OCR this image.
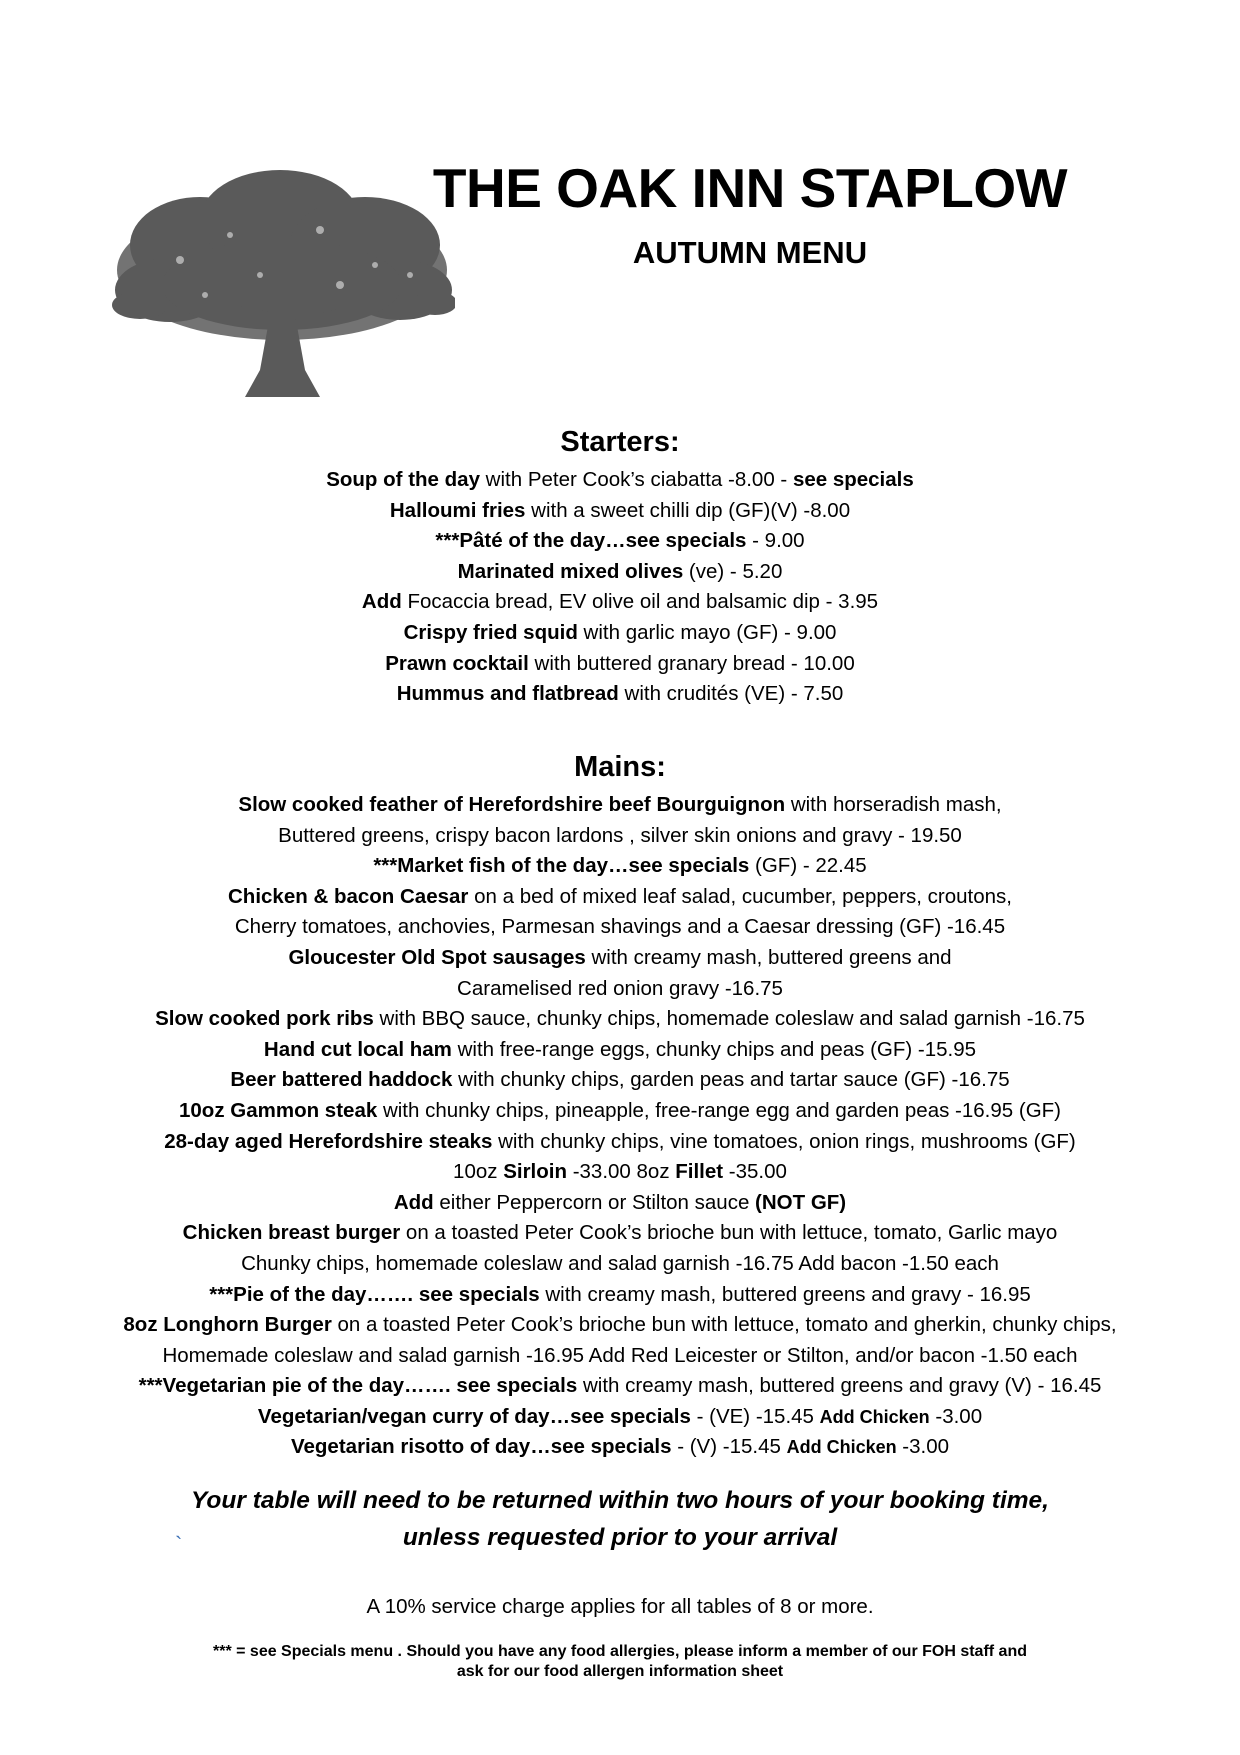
THE OAK INN STAPLOW
AUTUMN MENU
Starters:
Soup of the day with Peter Cook’s ciabatta -8.00 - see specials
Halloumi fries with a sweet chilli dip (GF)(V) -8.00
***Pâté of the day…see specials - 9.00
Marinated mixed olives (ve) - 5.20
Add Focaccia bread, EV olive oil and balsamic dip - 3.95
Crispy fried squid with garlic mayo (GF) - 9.00
Prawn cocktail with buttered granary bread - 10.00
Hummus and flatbread with crudités (VE) - 7.50
Mains:
Slow cooked feather of Herefordshire beef Bourguignon with horseradish mash,
Buttered greens, crispy bacon lardons , silver skin onions and gravy - 19.50
***Market fish of the day…see specials (GF) - 22.45
Chicken & bacon Caesar on a bed of mixed leaf salad, cucumber, peppers, croutons,
Cherry tomatoes, anchovies, Parmesan shavings and a Caesar dressing (GF) -16.45
Gloucester Old Spot sausages with creamy mash, buttered greens and
Caramelised red onion gravy -16.75
Slow cooked pork ribs with BBQ sauce, chunky chips, homemade coleslaw and salad garnish -16.75
Hand cut local ham with free-range eggs, chunky chips and peas (GF) -15.95
Beer battered haddock with chunky chips, garden peas and tartar sauce (GF) -16.75
10oz Gammon steak with chunky chips, pineapple, free-range egg and garden peas -16.95 (GF)
28-day aged Herefordshire steaks with chunky chips, vine tomatoes, onion rings, mushrooms (GF)
10oz Sirloin -33.00 8oz Fillet -35.00
Add either Peppercorn or Stilton sauce (NOT GF)
Chicken breast burger on a toasted Peter Cook’s brioche bun with lettuce, tomato, Garlic mayo
Chunky chips, homemade coleslaw and salad garnish -16.75 Add bacon -1.50 each
***Pie of the day……. see specials with creamy mash, buttered greens and gravy - 16.95
8oz Longhorn Burger on a toasted Peter Cook’s brioche bun with lettuce, tomato and gherkin, chunky chips,
Homemade coleslaw and salad garnish -16.95 Add Red Leicester or Stilton, and/or bacon -1.50 each
***Vegetarian pie of the day……. see specials with creamy mash, buttered greens and gravy (V) - 16.45
Vegetarian/vegan curry of day…see specials - (VE) -15.45 Add Chicken -3.00
Vegetarian risotto of day…see specials - (V) -15.45 Add Chicken -3.00
Your table will need to be returned within two hours of your booking time,
unless requested prior to your arrival
`
A 10% service charge applies for all tables of 8 or more.
*** = see Specials menu . Should you have any food allergies, please inform a member of our FOH staff and
ask for our food allergen information sheet
